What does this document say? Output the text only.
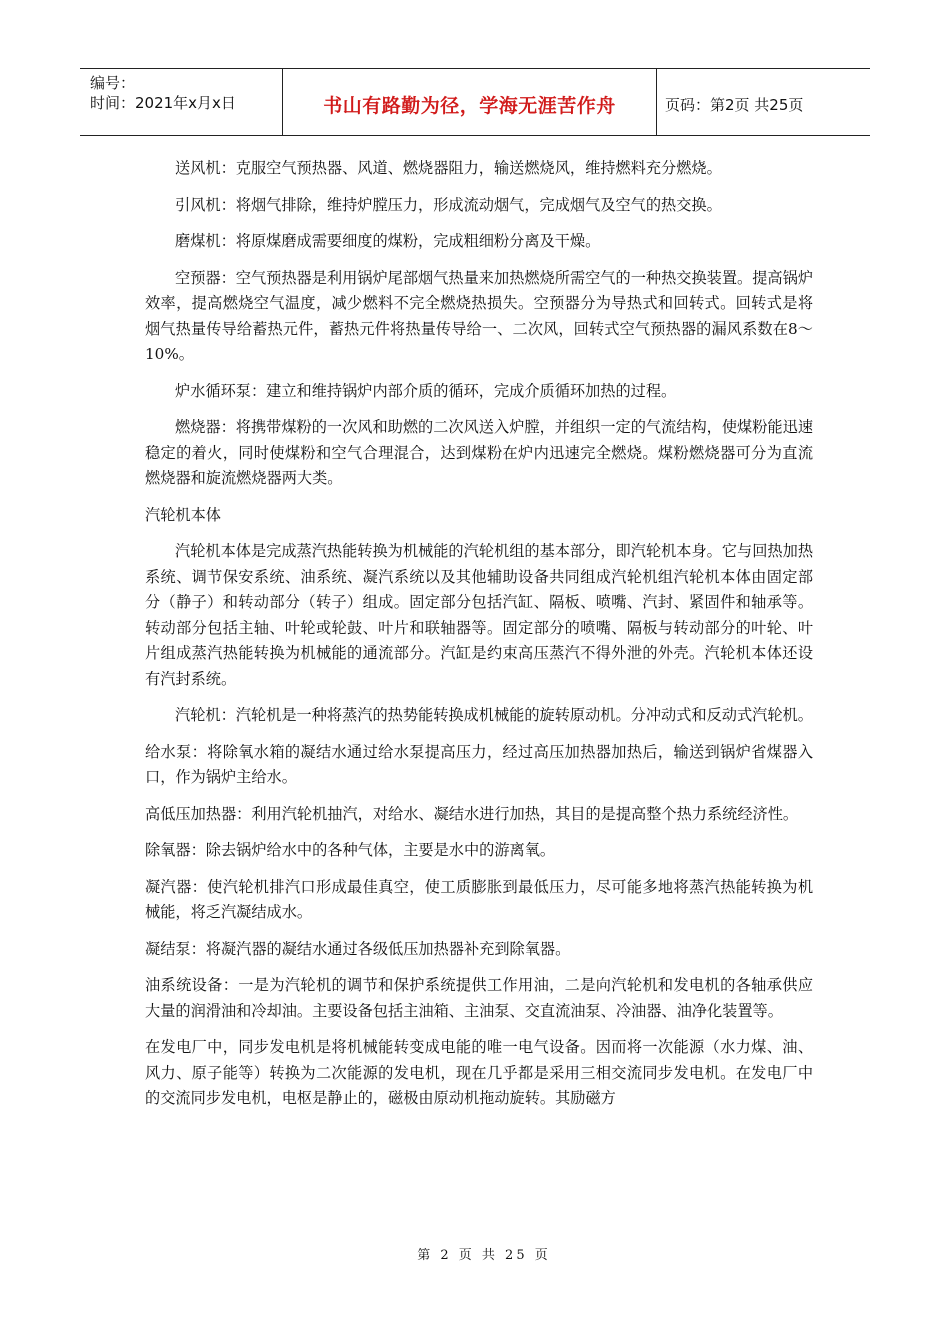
编号：
时间：2021年x月x日	书山有路勤为径，学海无涯苦作舟	页码：第2页 共25页

送风机：克服空气预热器、风道、燃烧器阻力，输送燃烧风，维持燃料充分燃烧。

引风机：将烟气排除，维持炉膛压力，形成流动烟气，完成烟气及空气的热交换。

磨煤机：将原煤磨成需要细度的煤粉，完成粗细粉分离及干燥。

空预器：空气预热器是利用锅炉尾部烟气热量来加热燃烧所需空气的一种热交换装置。提高锅炉效率，提高燃烧空气温度，减少燃料不完全燃烧热损失。空预器分为导热式和回转式。回转式是将烟气热量传导给蓄热元件，蓄热元件将热量传导给一、二次风，回转式空气预热器的漏风系数在8～10%。

炉水循环泵：建立和维持锅炉内部介质的循环，完成介质循环加热的过程。

燃烧器：将携带煤粉的一次风和助燃的二次风送入炉膛，并组织一定的气流结构，使煤粉能迅速稳定的着火，同时使煤粉和空气合理混合，达到煤粉在炉内迅速完全燃烧。煤粉燃烧器可分为直流燃烧器和旋流燃烧器两大类。

汽轮机本体

汽轮机本体是完成蒸汽热能转换为机械能的汽轮机组的基本部分，即汽轮机本身。它与回热加热系统、调节保安系统、油系统、凝汽系统以及其他辅助设备共同组成汽轮机组汽轮机本体由固定部分（静子）和转动部分（转子）组成。固定部分包括汽缸、隔板、喷嘴、汽封、紧固件和轴承等。转动部分包括主轴、叶轮或轮鼓、叶片和联轴器等。固定部分的喷嘴、隔板与转动部分的叶轮、叶片组成蒸汽热能转换为机械能的通流部分。汽缸是约束高压蒸汽不得外泄的外壳。汽轮机本体还设有汽封系统。

汽轮机：汽轮机是一种将蒸汽的热势能转换成机械能的旋转原动机。分冲动式和反动式汽轮机。

给水泵：将除氧水箱的凝结水通过给水泵提高压力，经过高压加热器加热后，输送到锅炉省煤器入口，作为锅炉主给水。

高低压加热器：利用汽轮机抽汽，对给水、凝结水进行加热，其目的是提高整个热力系统经济性。

除氧器：除去锅炉给水中的各种气体，主要是水中的游离氧。

凝汽器：使汽轮机排汽口形成最佳真空，使工质膨胀到最低压力，尽可能多地将蒸汽热能转换为机械能，将乏汽凝结成水。

凝结泵：将凝汽器的凝结水通过各级低压加热器补充到除氧器。

油系统设备：一是为汽轮机的调节和保护系统提供工作用油，二是向汽轮机和发电机的各轴承供应大量的润滑油和冷却油。主要设备包括主油箱、主油泵、交直流油泵、冷油器、油净化装置等。

在发电厂中，同步发电机是将机械能转变成电能的唯一电气设备。因而将一次能源（水力煤、油、风力、原子能等）转换为二次能源的发电机，现在几乎都是采用三相交流同步发电机。在发电厂中的交流同步发电机，电枢是静止的，磁极由原动机拖动旋转。其励磁方

第 2 页 共 25 页
